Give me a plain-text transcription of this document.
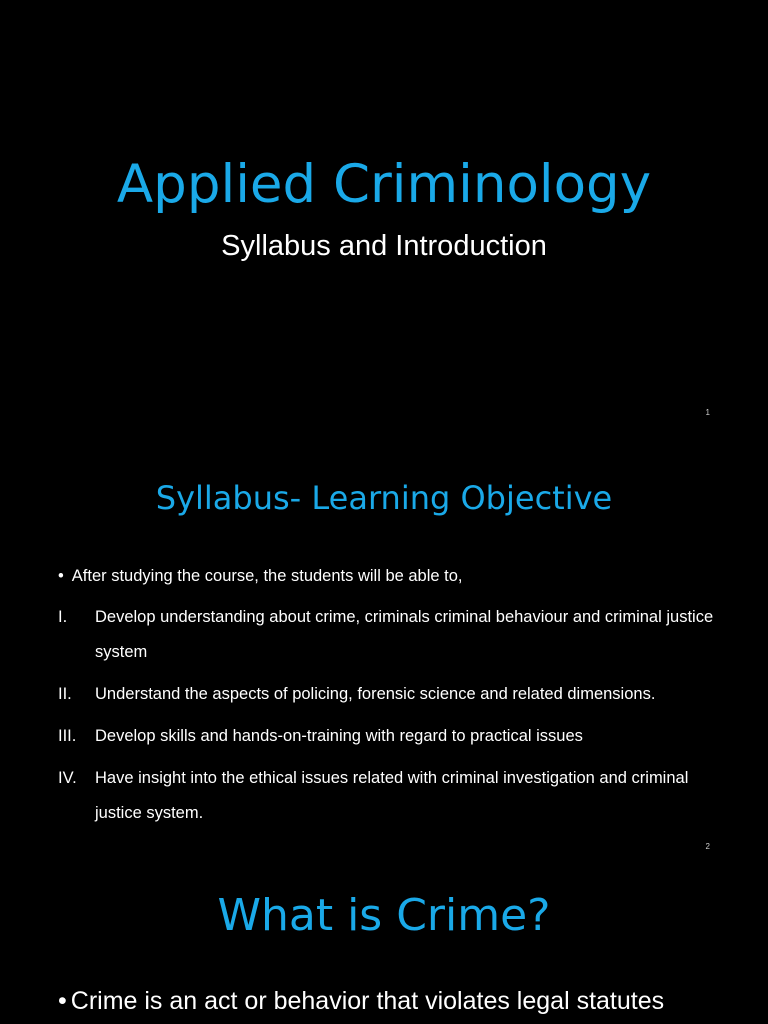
Applied Criminology
Syllabus and Introduction
1
Syllabus- Learning Objective
• After studying the course, the students will be able to,
I.	Develop understanding about crime, criminals criminal behaviour and criminal justice system
II.	Understand the aspects of policing, forensic science and related dimensions.
III.	Develop skills and hands-on-training with regard to practical issues
IV.	Have insight into the ethical issues related with criminal investigation and criminal justice system.
2
What is Crime?
• Crime is an act or behavior that violates legal statutes
